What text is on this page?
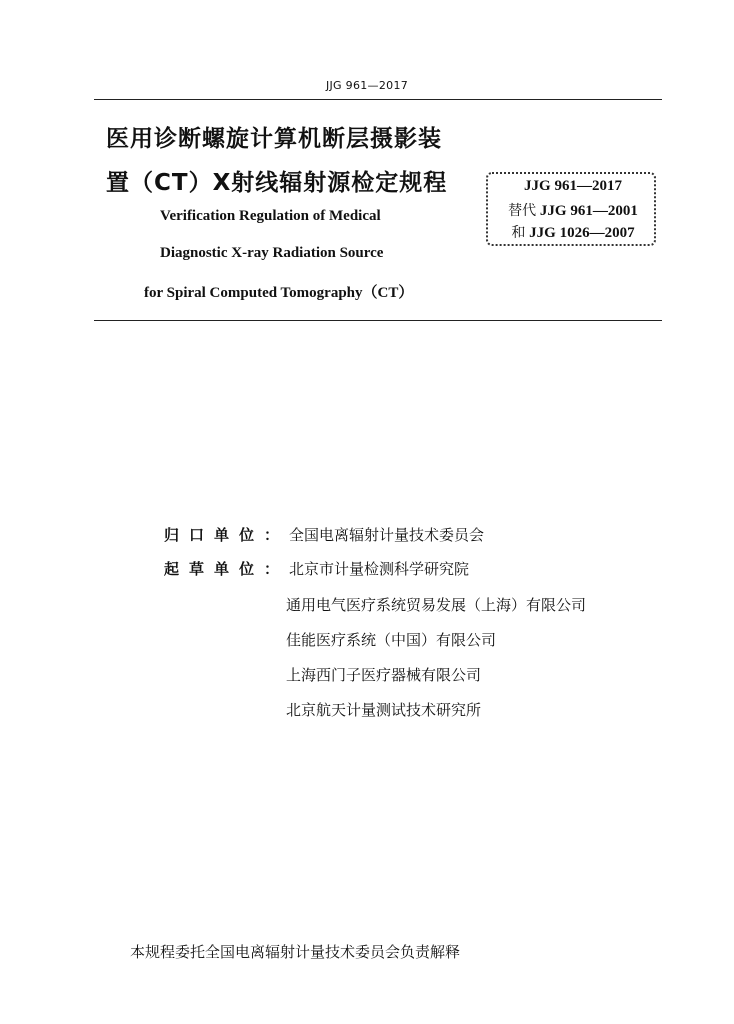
JJG 961—2017
医用诊断螺旋计算机断层摄影装
置（CT）X射线辐射源检定规程
Verification Regulation of Medical
Diagnostic X-ray Radiation Source
for Spiral Computed Tomography（CT）
JJG 961—2017
替代 JJG 961—2001
和 JJG 1026—2007
归口单位：全国电离辐射计量技术委员会
起草单位：北京市计量检测科学研究院
通用电气医疗系统贸易发展（上海）有限公司
佳能医疗系统（中国）有限公司
上海西门子医疗器械有限公司
北京航天计量测试技术研究所
本规程委托全国电离辐射计量技术委员会负责解释
